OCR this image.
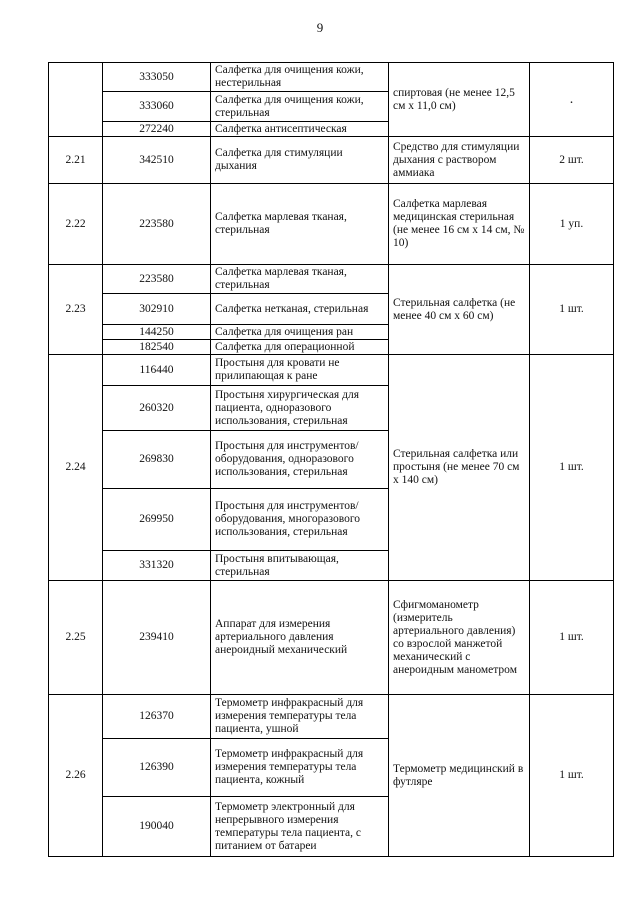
9
	333050	Салфетка для очищения кожи, нестерильная	спиртовая (не менее 12,5 см х 11,0 см)	.
	333060	Салфетка для очищения кожи, стерильная		
	272240	Салфетка антисептическая		
2.21	342510	Салфетка для стимуляции дыхания	Средство для стимуляции дыхания с раствором аммиака	2 шт.
2.22	223580	Салфетка марлевая тканая, стерильная	Салфетка марлевая медицинская стерильная (не менее 16 см х 14 см, № 10)	1 уп.
2.23	223580	Салфетка марлевая тканая, стерильная	Стерильная салфетка (не менее 40 см х 60 см)	1 шт.
	302910	Салфетка нетканая, стерильная		
	144250	Салфетка для очищения ран		
	182540	Салфетка для операционной		
2.24	116440	Простыня для кровати не прилипающая к ране	Стерильная салфетка или простыня (не менее 70 см х 140 см)	1 шт.
	260320	Простыня хирургическая для пациента, одноразового использования, стерильная		
	269830	Простыня для инструментов/оборудования, одноразового использования, стерильная		
	269950	Простыня для инструментов/оборудования, многоразового использования, стерильная		
	331320	Простыня впитывающая, стерильная		
2.25	239410	Аппарат для измерения артериального давления анероидный механический	Сфигмоманометр (измеритель артериального давления) со взрослой манжетой механический с анероидным манометром	1 шт.
2.26	126370	Термометр инфракрасный для измерения температуры тела пациента, ушной	Термометр медицинский в футляре	1 шт.
	126390	Термометр инфракрасный для измерения температуры тела пациента, кожный		
	190040	Термометр электронный для непрерывного измерения температуры тела пациента, с питанием от батареи		
